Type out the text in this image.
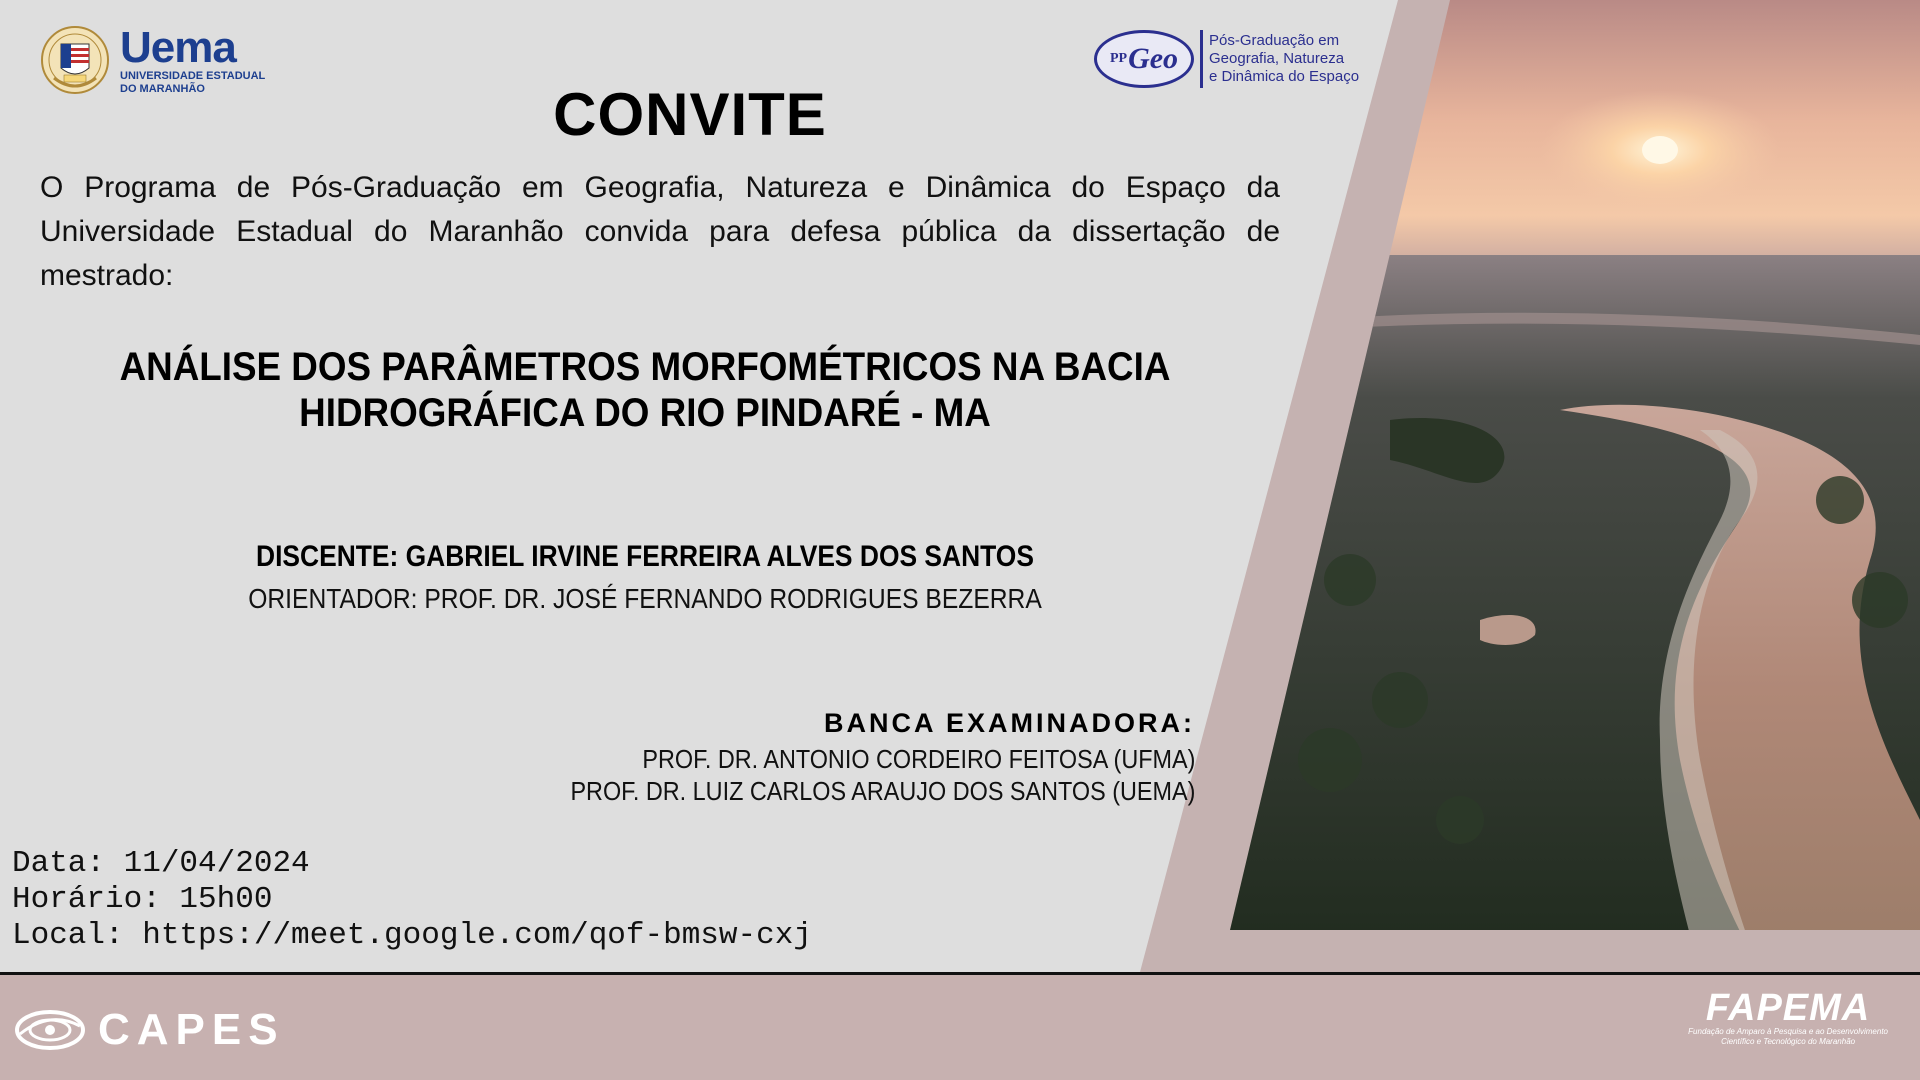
Uema
UNIVERSIDADE ESTADUAL
DO MARANHÃO
PP Geo
Pós-Graduação em
Geografia, Natureza
e Dinâmica do Espaço
CONVITE
O Programa de Pós-Graduação em Geografia, Natureza e Dinâmica do Espaço da Universidade Estadual do Maranhão convida para defesa pública da dissertação de mestrado:
ANÁLISE DOS PARÂMETROS MORFOMÉTRICOS NA BACIA
HIDROGRÁFICA DO RIO PINDARÉ - MA
DISCENTE: GABRIEL IRVINE FERREIRA ALVES DOS SANTOS
ORIENTADOR: PROF. DR. JOSÉ FERNANDO RODRIGUES BEZERRA
BANCA EXAMINADORA:
PROF. DR. ANTONIO CORDEIRO FEITOSA (UFMA)
PROF. DR. LUIZ CARLOS ARAUJO DOS SANTOS (UEMA)
Data: 11/04/2024
Horário: 15h00
Local: https://meet.google.com/qof-bmsw-cxj
CAPES	FAPEMA
Fundação de Amparo à Pesquisa e ao Desenvolvimento
Científico e Tecnológico do Maranhão
